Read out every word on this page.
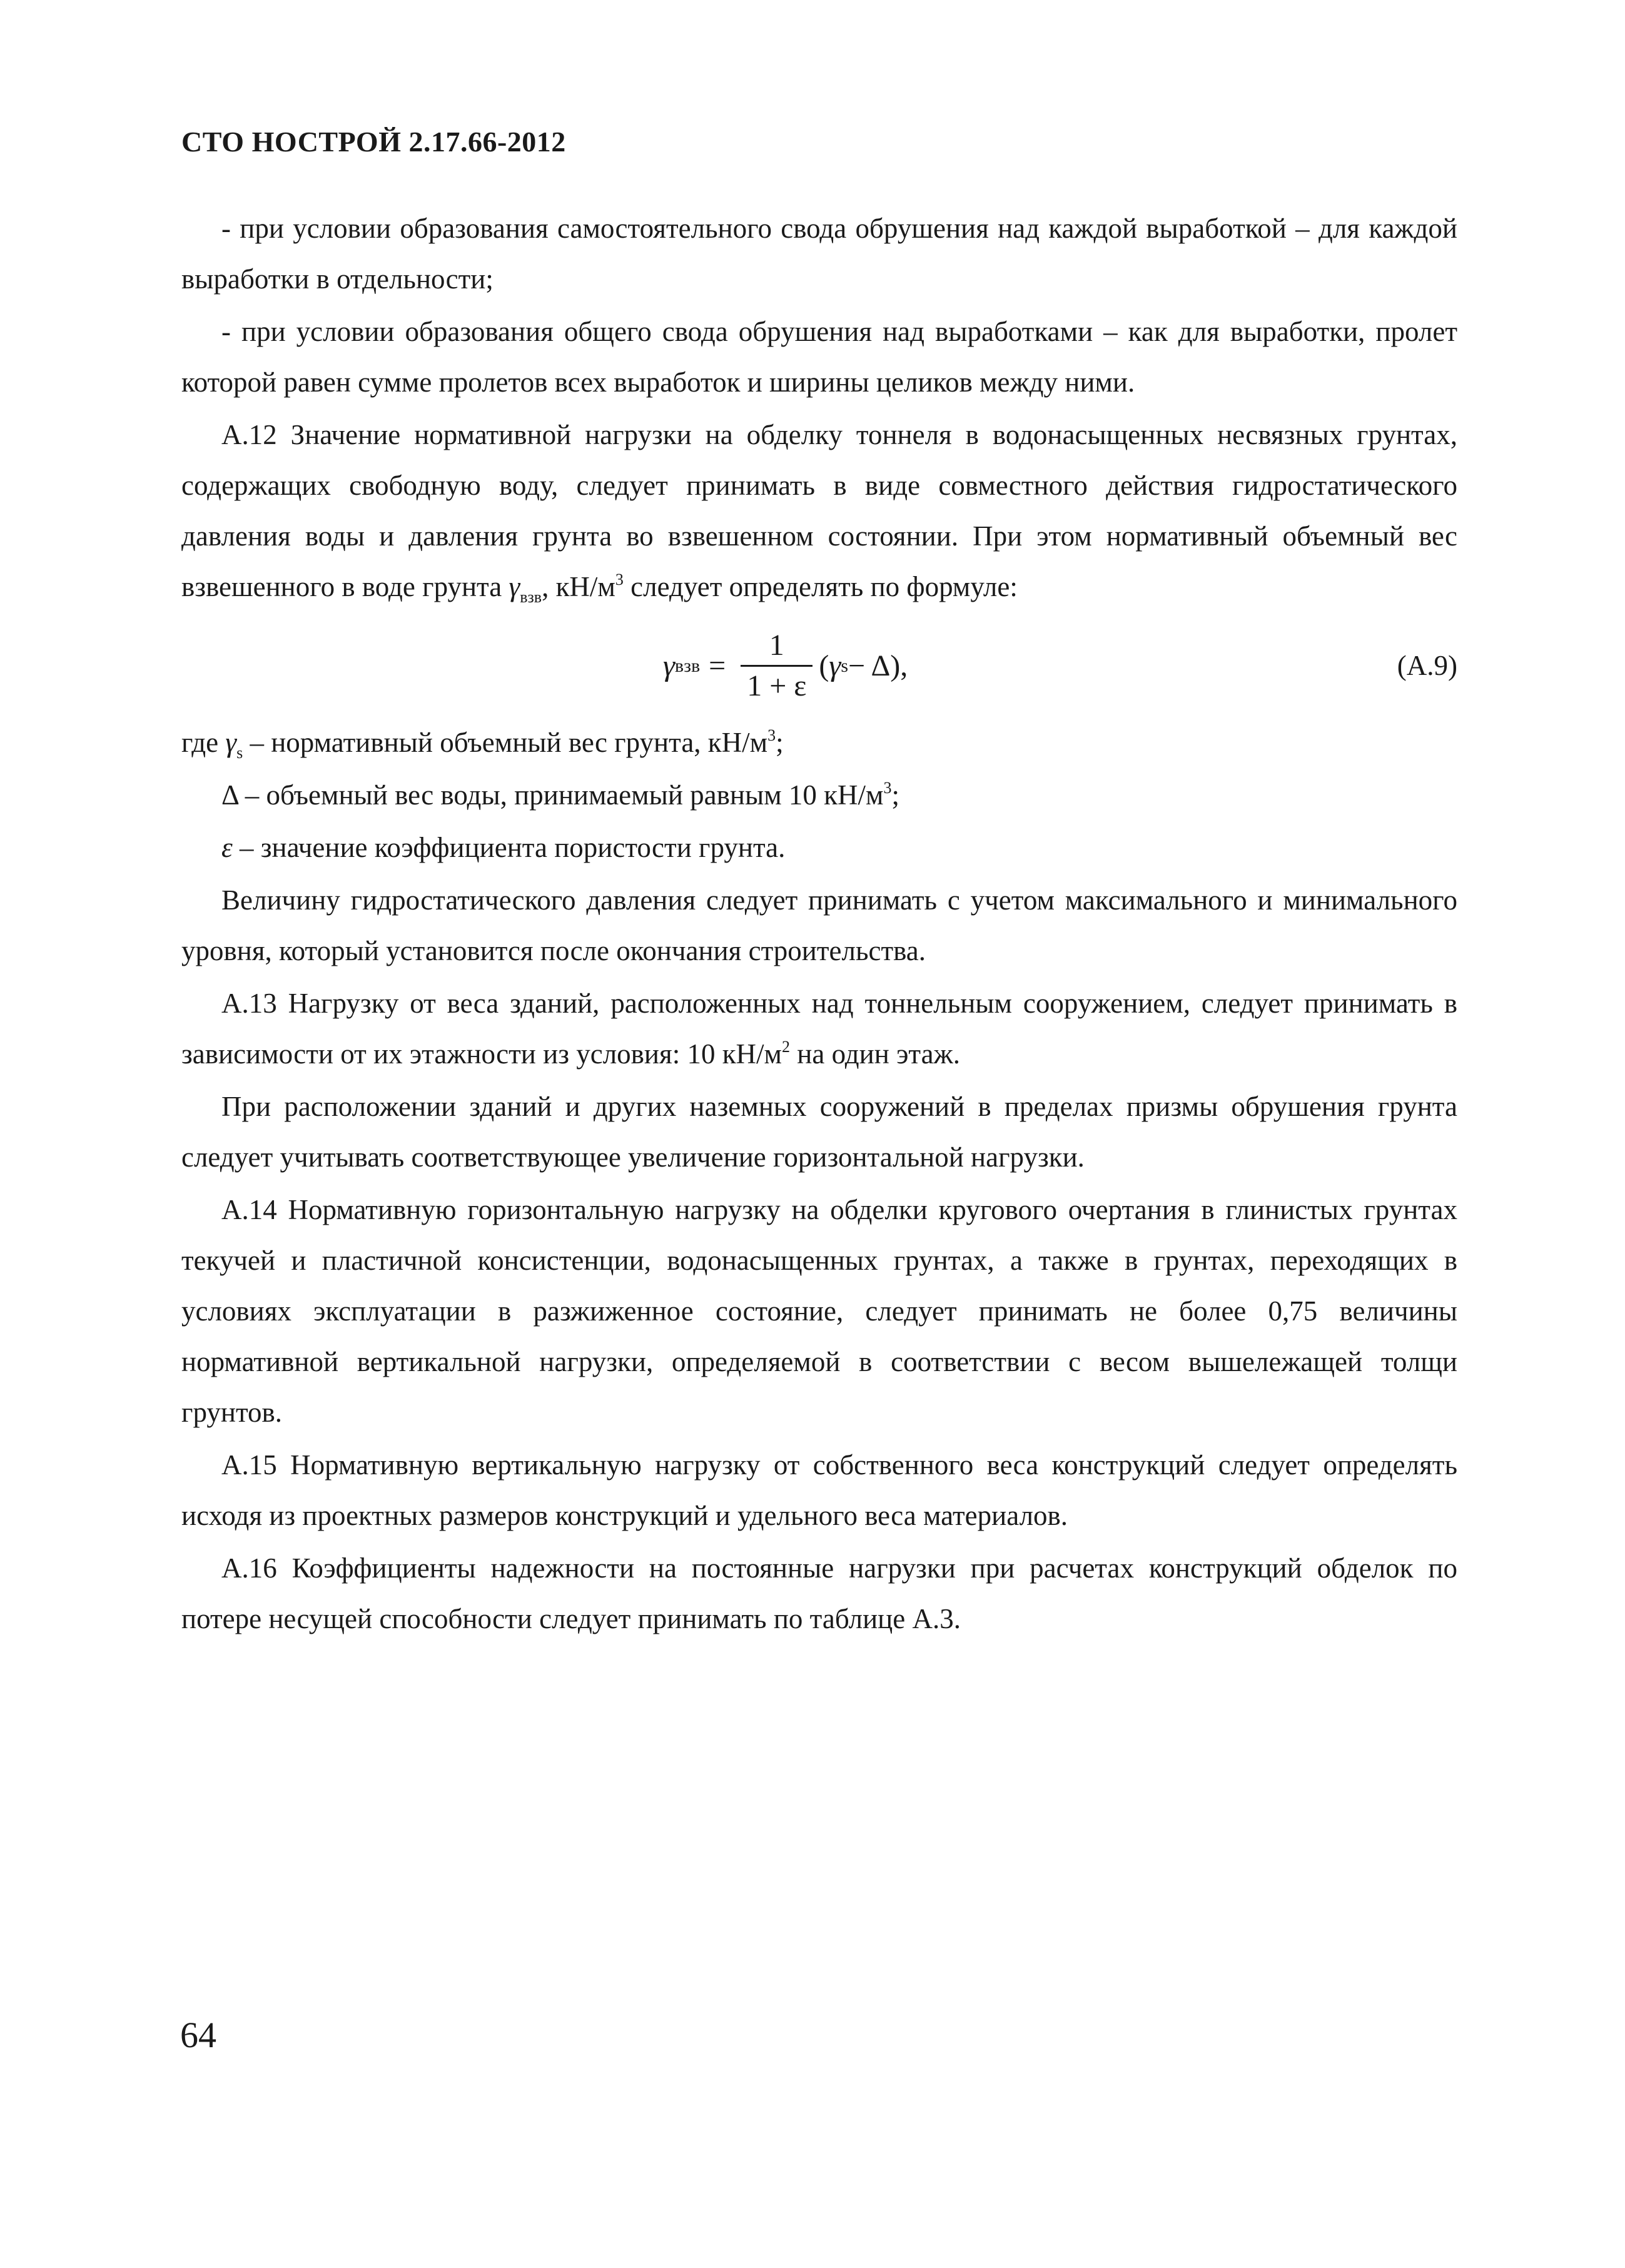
СТО НОСТРОЙ 2.17.66-2012

- при условии образования самостоятельного свода обрушения над каждой выработкой – для каждой выработки в отдельности;

- при условии образования общего свода обрушения над выработками – как для выработки, пролет которой равен сумме пролетов всех выработок и ширины целиков между ними.

А.12 Значение нормативной нагрузки на обделку тоннеля в водонасыщенных несвязных грунтах, содержащих свободную воду, следует принимать в виде совместного действия гидростатического давления воды и давления грунта во взвешенном состоянии. При этом нормативный объемный вес взвешенного в воде грунта $\gamma_{взв}$, $кН/м^3$ следует определять по формуле:

γ взв = $\frac{1}{1 + \varepsilon}$ ( γ s − Δ),	(А.9)

где $\gamma_s$ – нормативный объемный вес грунта, $кН/м^3$;

Δ – объемный вес воды, принимаемый равным 10 $кН/м^3$;

ε – значение коэффициента пористости грунта.

Величину гидростатического давления следует принимать с учетом максимального и минимального уровня, который установится после окончания строительства.

А.13 Нагрузку от веса зданий, расположенных над тоннельным сооружением, следует принимать в зависимости от их этажности из условия: 10 $кН/м^2$ на один этаж.

При расположении зданий и других наземных сооружений в пределах призмы обрушения грунта следует учитывать соответствующее увеличение горизонтальной нагрузки.

А.14 Нормативную горизонтальную нагрузку на обделки кругового очертания в глинистых грунтах текучей и пластичной консистенции, водонасыщенных грунтах, а также в грунтах, переходящих в условиях эксплуатации в разжиженное состояние, следует принимать не более 0,75 величины нормативной вертикальной нагрузки, определяемой в соответствии с весом вышележащей толщи грунтов.

А.15 Нормативную вертикальную нагрузку от собственного веса конструкций следует определять исходя из проектных размеров конструкций и удельного веса материалов.

А.16 Коэффициенты надежности на постоянные нагрузки при расчетах конструкций обделок по потере несущей способности следует принимать по таблице А.3.

64
